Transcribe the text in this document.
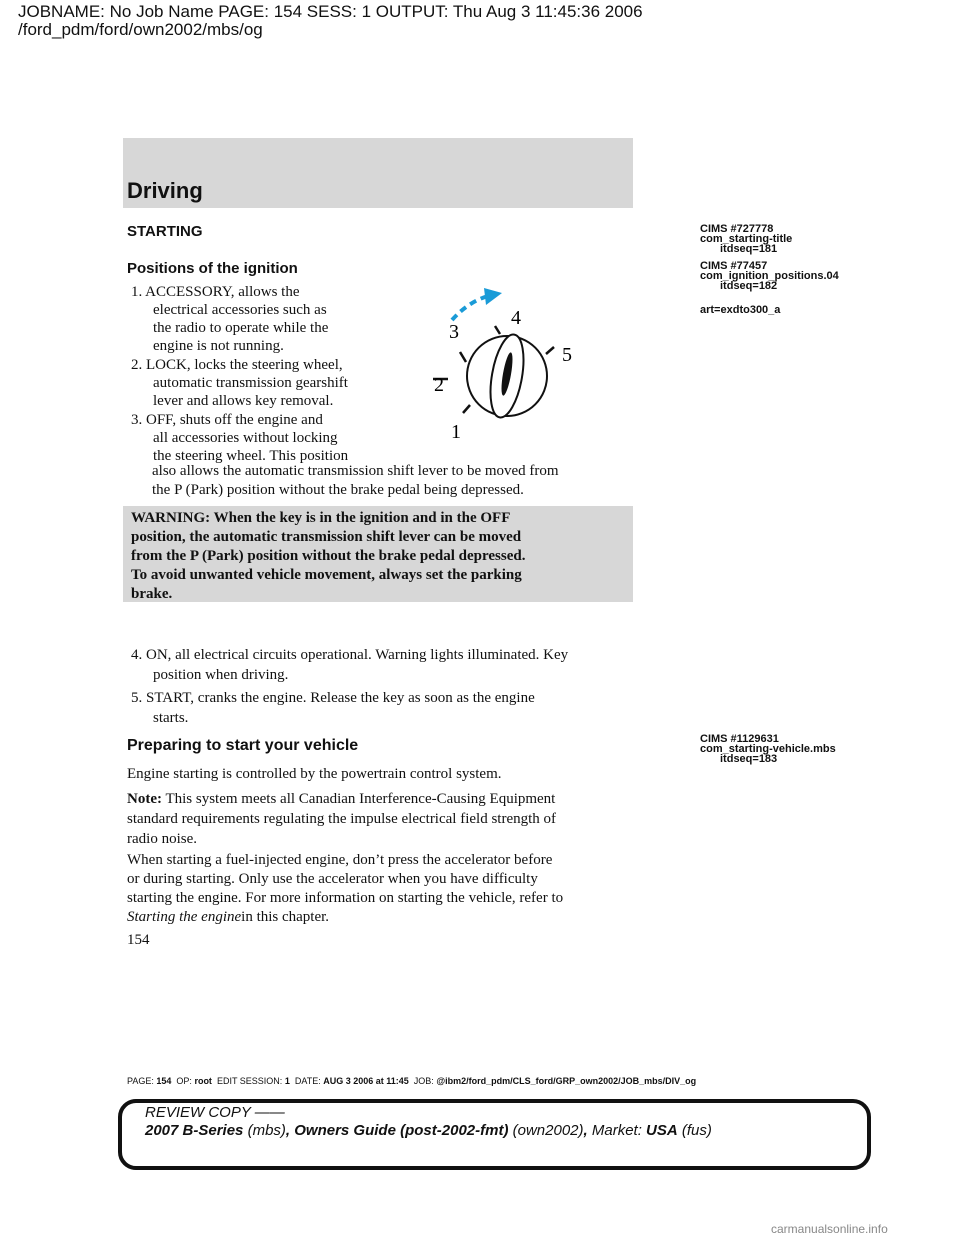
JOBNAME: No Job Name PAGE: 154 SESS: 1 OUTPUT: Thu Aug 3 11:45:36 2006
/ford_pdm/ford/own2002/mbs/og
Driving
STARTING
Positions of the ignition
1. ACCESSORY, allows the
electrical accessories such as
the radio to operate while the
engine is not running.
2. LOCK, locks the steering wheel,
automatic transmission gearshift
lever and allows key removal.
3. OFF, shuts off the engine and
all accessories without locking
the steering wheel. This position
also allows the automatic transmission shift lever to be moved from
the P (Park) position without the brake pedal being depressed.
1
2
3
4
5
WARNING: When the key is in the ignition and in the OFF
position, the automatic transmission shift lever can be moved
from the P (Park) position without the brake pedal depressed.
To avoid unwanted vehicle movement, always set the parking
brake.
4. ON, all electrical circuits operational. Warning lights illuminated. Key
position when driving.
5. START, cranks the engine. Release the key as soon as the engine
starts.
Preparing to start your vehicle
Engine starting is controlled by the powertrain control system.
Note: This system meets all Canadian Interference-Causing Equipment
standard requirements regulating the impulse electrical field strength of
radio noise.
When starting a fuel-injected engine, don’t press the accelerator before
or during starting. Only use the accelerator when you have difficulty
starting the engine. For more information on starting the vehicle, refer to
Starting the enginein this chapter.
CIMS #727778
com_starting-title
itdseq=181
CIMS #77457
com_ignition_positions.04
itdseq=182
art=exdto300_a
CIMS #1129631
com_starting-vehicle.mbs
itdseq=183
154
PAGE: 154 OP: root EDIT SESSION: 1 DATE: AUG 3 2006 at 11:45 JOB: @ibm2/ford_pdm/CLS_ford/GRP_own2002/JOB_mbs/DIV_og
REVIEW COPY ——
2007 B-Series (mbs), Owners Guide (post-2002-fmt) (own2002), Market: USA (fus)
carmanualsonline.info
